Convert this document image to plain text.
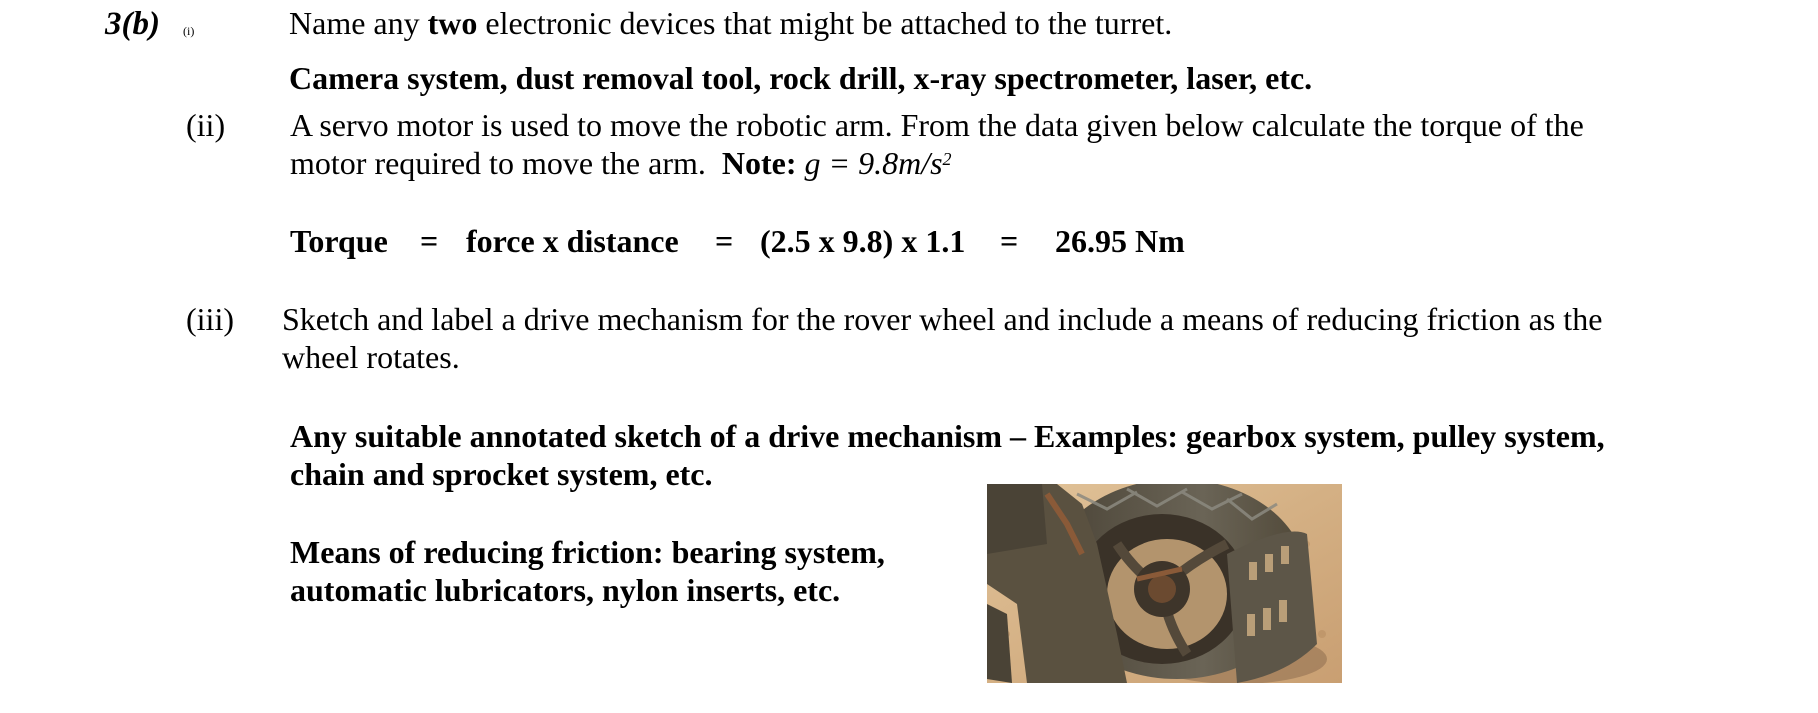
3(b) (i)	Name any two electronic devices that might be attached to the turret.
Camera system, dust removal tool, rock drill, x-ray spectrometer, laser, etc.
(ii) A servo motor is used to move the robotic arm. From the data given below calculate the torque of the
motor required to move the arm.  Note: $g = 9.8m/s^2$
Torque = force x distance = (2.5 x 9.8) x 1.1 = 26.95 Nm
(iii) Sketch and label a drive mechanism for the rover wheel and include a means of reducing friction as the
wheel rotates.
Any suitable annotated sketch of a drive mechanism – Examples: gearbox system, pulley system,
chain and sprocket system, etc.
Means of reducing friction: bearing system,
automatic lubricators, nylon inserts, etc.
